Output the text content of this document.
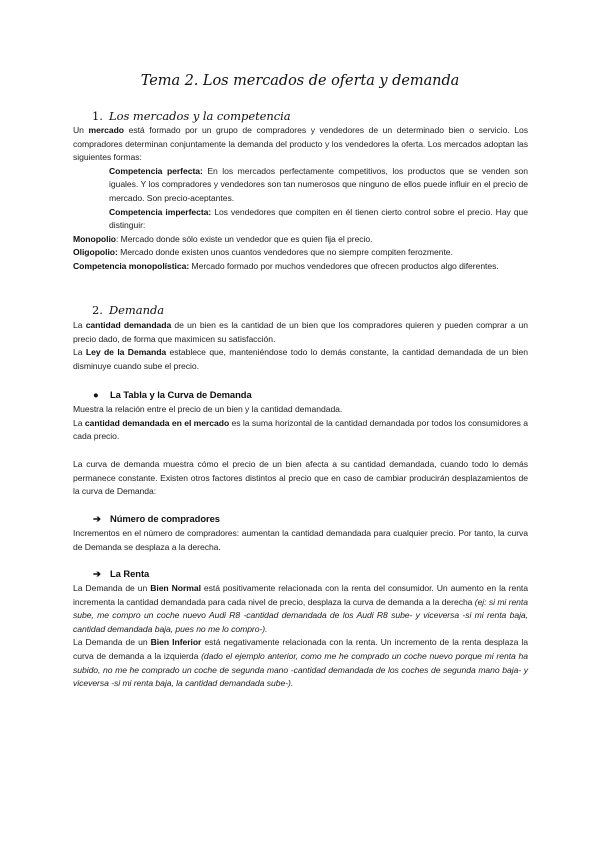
Tema 2. Los mercados de oferta y demanda
1. Los mercados y la competencia

Un mercado está formado por un grupo de compradores y vendedores de un determinado bien o servicio. Los compradores determinan conjuntamente la demanda del producto y los vendedores la oferta. Los mercados adoptan las siguientes formas:

Competencia perfecta: En los mercados perfectamente competitivos, los productos que se venden son iguales. Y los compradores y vendedores son tan numerosos que ninguno de ellos puede influir en el precio de mercado. Son precio-aceptantes.

Competencia imperfecta: Los vendedores que compiten en él tienen cierto control sobre el precio. Hay que distinguir:

Monopolio: Mercado donde sólo existe un vendedor que es quien fija el precio.

Oligopolio: Mercado donde existen unos cuantos vendedores que no siempre compiten ferozmente.

Competencia monopolística: Mercado formado por muchos vendedores que ofrecen productos algo diferentes.

2. Demanda

La cantidad demandada de un bien es la cantidad de un bien que los compradores quieren y pueden comprar a un precio dado, de forma que maximicen su satisfacción.

La Ley de la Demanda establece que, manteniéndose todo lo demás constante, la cantidad demandada de un bien disminuye cuando sube el precio.

● La Tabla y la Curva de Demanda

Muestra la relación entre el precio de un bien y la cantidad demandada.

La cantidad demandada en el mercado es la suma horizontal de la cantidad demandada por todos los consumidores a cada precio.

La curva de demanda muestra cómo el precio de un bien afecta a su cantidad demandada, cuando todo lo demás permanece constante. Existen otros factores distintos al precio que en caso de cambiar producirán desplazamientos de la curva de Demanda:
➔ Número de compradores
Incrementos en el número de compradores: aumentan la cantidad demandada para cualquier precio. Por tanto, la curva de Demanda se desplaza a la derecha.
➔ La Renta

La Demanda de un Bien Normal está positivamente relacionada con la renta del consumidor. Un aumento en la renta incrementa la cantidad demandada para cada nivel de precio, desplaza la curva de demanda a la derecha (ej: si mi renta sube, me compro un coche nuevo Audi R8 -cantidad demandada de los Audi R8 sube- y viceversa -si mi renta baja, cantidad demandada baja, pues no me lo compro-).

La Demanda de un Bien Inferior está negativamente relacionada con la renta. Un incremento de la renta desplaza la curva de demanda a la izquierda (dado el ejemplo anterior, como me he comprado un coche nuevo porque mi renta ha subido, no me he comprado un coche de segunda mano -cantidad demandada de los coches de segunda mano baja- y viceversa -si mi renta baja, la cantidad demandada sube-).
